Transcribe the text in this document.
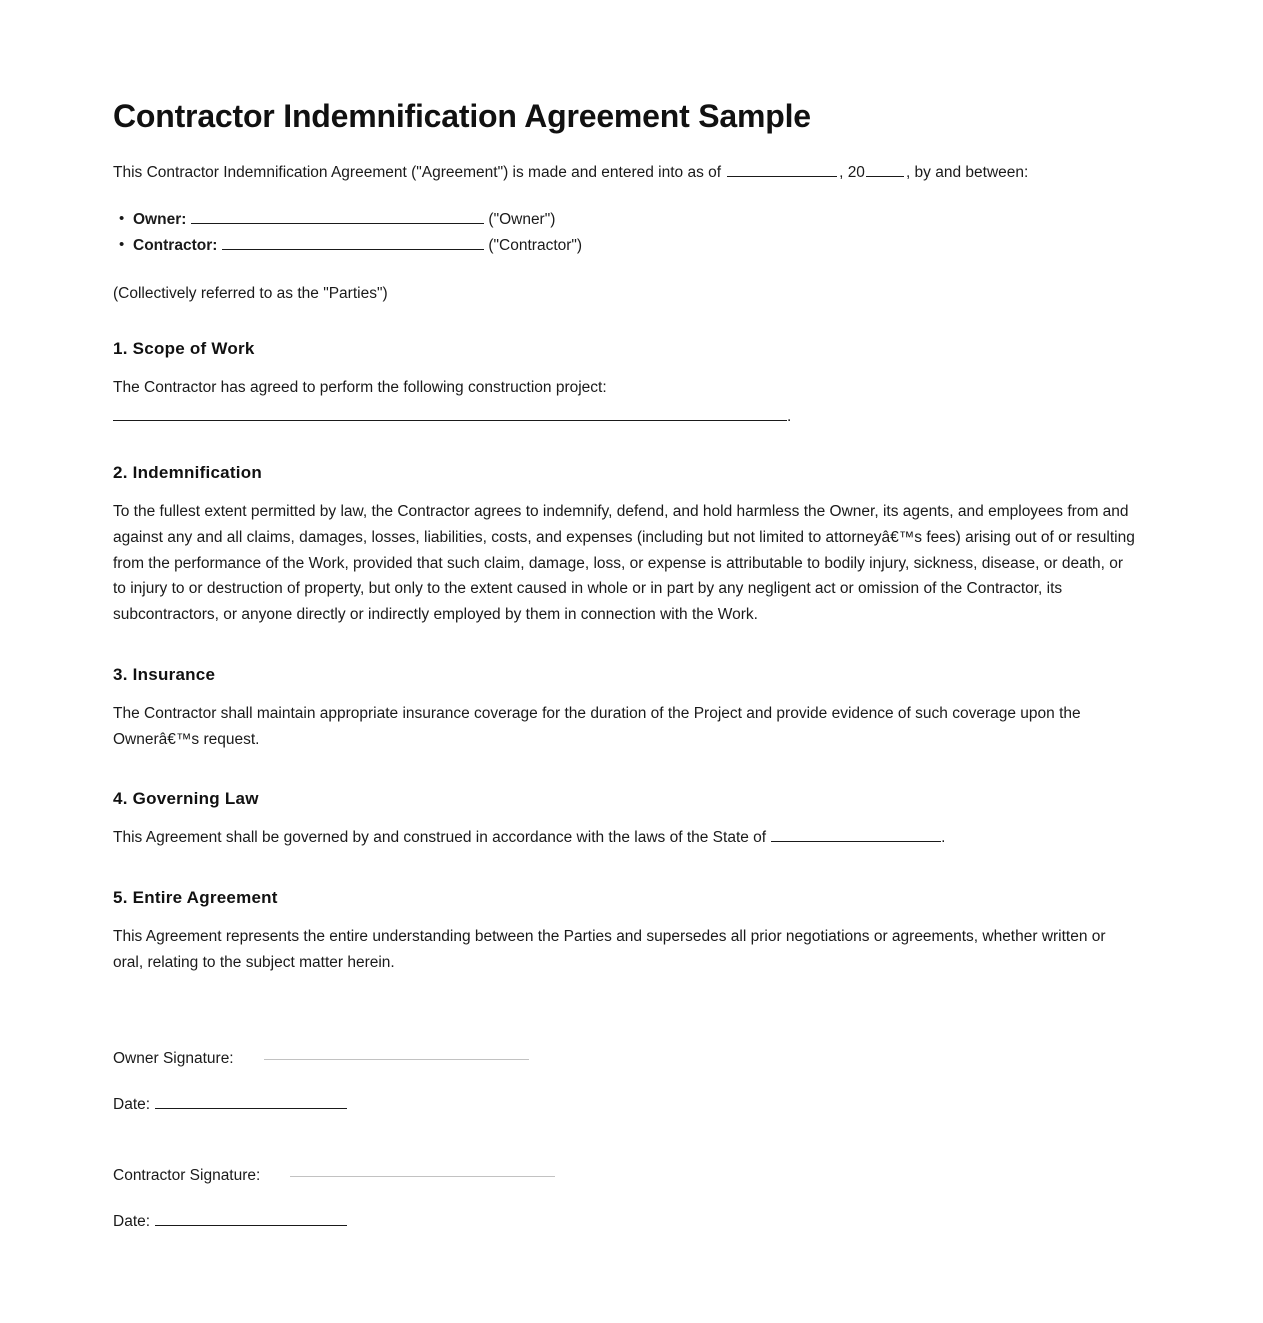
Contractor Indemnification Agreement Sample
This Contractor Indemnification Agreement ("Agreement") is made and entered into as of	, 20	, by and between:
• Owner:	("Owner")
• Contractor:	("Contractor")
(Collectively referred to as the "Parties")
1. Scope of Work
The Contractor has agreed to perform the following construction project:
.
2. Indemnification
To the fullest extent permitted by law, the Contractor agrees to indemnify, defend, and hold harmless the Owner, its agents, and employees from and against any and all claims, damages, losses, liabilities, costs, and expenses (including but not limited to attorneyâ€™s fees) arising out of or resulting from the performance of the Work, provided that such claim, damage, loss, or expense is attributable to bodily injury, sickness, disease, or death, or to injury to or destruction of property, but only to the extent caused in whole or in part by any negligent act or omission of the Contractor, its subcontractors, or anyone directly or indirectly employed by them in connection with the Work.
3. Insurance
The Contractor shall maintain appropriate insurance coverage for the duration of the Project and provide evidence of such coverage upon the Ownerâ€™s request.
4. Governing Law
This Agreement shall be governed by and construed in accordance with the laws of the State of	.
5. Entire Agreement
This Agreement represents the entire understanding between the Parties and supersedes all prior negotiations or agreements, whether written or oral, relating to the subject matter herein.
Owner Signature:
Date:
Contractor Signature:
Date:
